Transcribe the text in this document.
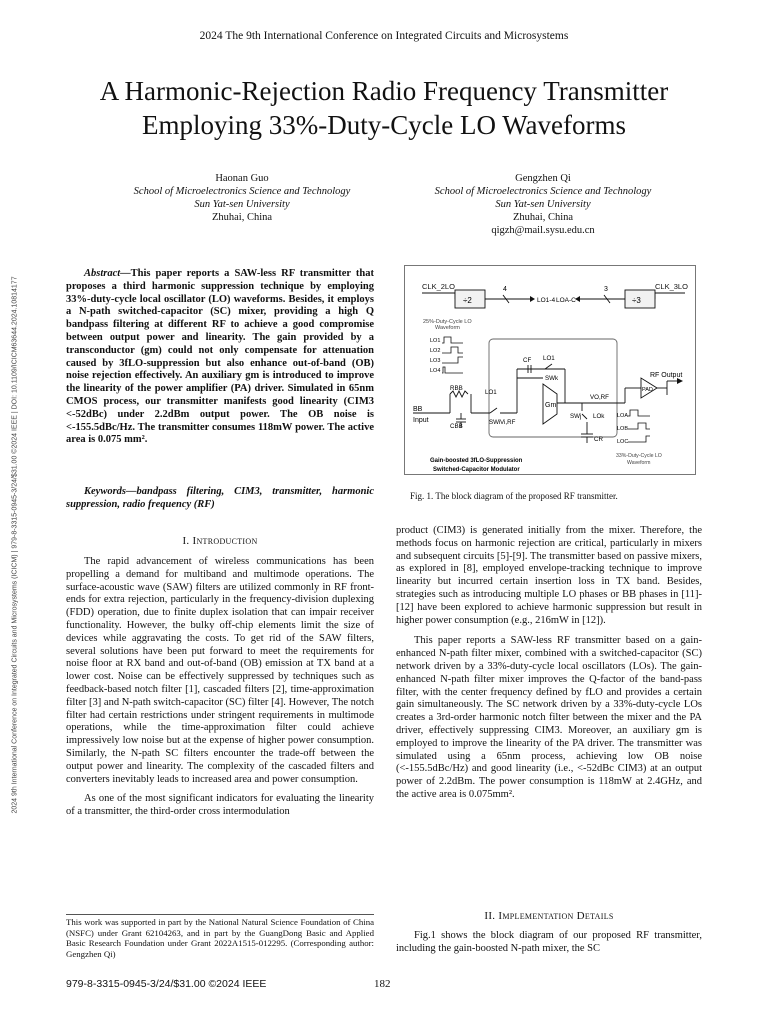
2024 The 9th International Conference on Integrated Circuits and Microsystems
A Harmonic-Rejection Radio Frequency Transmitter
Employing 33%-Duty-Cycle LO Waveforms
Haonan Guo
School of Microelectronics Science and Technology
Sun Yat-sen University
Zhuhai, China
Gengzhen Qi
School of Microelectronics Science and Technology
Sun Yat-sen University
Zhuhai, China
qigzh@mail.sysu.edu.cn
2024 9th International Conference on Integrated Circuits and Microsystems (ICICM) | 979-8-3315-0945-3/24/$31.00 ©2024 IEEE | DOI: 10.1109/ICICM63644.2024.10814177
Abstract—This paper reports a SAW-less RF transmitter that proposes a third harmonic suppression technique by employing 33%-duty-cycle local oscillator (LO) waveforms. Besides, it employs a N-path switched-capacitor (SC) mixer, providing a high Q bandpass filtering at different RF to achieve a good compromise between output power and linearity. The gain provided by a transconductor (gm) could not only compensate for attenuation caused by 3fLO-suppression but also enhance out-of-band (OB) noise rejection effectively. An auxiliary gm is introduced to improve the linearity of the power amplifier (PA) driver. Simulated in 65nm CMOS process, our transmitter manifests good linearity (CIM3 <-52dBc) under 2.2dBm output power. The OB noise is <-155.5dBc/Hz. The transmitter consumes 118mW power. The active area is 0.075 mm².
Keywords—bandpass filtering, CIM3, transmitter, harmonic suppression, radio frequency (RF)
I. Introduction

The rapid advancement of wireless communications has been propelling a demand for multiband and multimode operations. The surface-acoustic wave (SAW) filters are utilized commonly in RF front-ends for extra rejection, particularly in the frequency-division duplexing (FDD) operation, due to finite duplex isolation that can impair receiver functionality. However, the bulky off-chip elements limit the size of devices while aggravating the costs. To get rid of the SAW filters, several solutions have been put forward to meet the requirements for noise floor at RX band and out-of-band (OB) emission at TX band at a lower cost. Noise can be effectively suppressed by techniques such as feedback-based notch filter [1], cascaded filters [2], time-approximation filter [3] and N-path switch-capacitor (SC) filter [4]. However, The notch filter had certain restrictions under stringent requirements in multimode operations, while the time-approximation filter could achieve impressively low noise but at the expense of higher power consumption. Similarly, the N-path SC filters encounter the trade-off between the output power and linearity. The complexity of the cascaded filters and converters inevitably leads to increased area and power consumption.

As one of the most significant indicators for evaluating the linearity of a transmitter, the third-order cross intermodulation

This work was supported in part by the National Natural Science Foundation of China (NSFC) under Grant 62104263, and in part by the GuangDong Basic and Applied Basic Research Foundation under Grant 2022A1515-012295. (Corresponding author: Gengzhen Qi)
979-8-3315-0945-3/24/$31.00 ©2024 IEEE	182
CLK_2LO	CLK_3LO
÷2	÷3
4	3
LO1-4 LOA-C
25%-Duty-Cycle LO
Waveform
LO1
LO2
LO3
LO4
RBB
CBB
LO1
SWi Vi,RF
CF LO1
SWk
Gm
SWj LOk
CR
VO,RF
PAD
RF Output
BB
Input
LOA
LOB
LOC
Gain-boosted 3fLO-Suppression
Switched-Capacitor Modulator
33%-Duty-Cycle LO
Waveform
Fig. 1. The block diagram of the proposed RF transmitter.

product (CIM3) is generated initially from the mixer. Therefore, the methods focus on harmonic rejection are critical, particularly in mixers and subsequent circuits [5]-[9]. The transmitter based on passive mixers, as explored in [8], employed envelope-tracking technique to improve linearity but incurred certain insertion loss in TX band. Besides, strategies such as introducing multiple LO phases or BB phases in [11]-[12] have been explored to achieve harmonic suppression but result in higher power consumption (e.g., 216mW in [12]).

This paper reports a SAW-less RF transmitter based on a gain-enhanced N-path filter mixer, combined with a switched-capacitor (SC) network driven by a 33%-duty-cycle local oscillators (LOs). The gain-enhanced N-path filter mixer improves the Q-factor of the band-pass filter, with the center frequency defined by fLO and provides a certain gain simultaneously. The SC network driven by a 33%-duty-cycle LOs creates a 3rd-order harmonic notch filter between the mixer and the PA driver, effectively suppressing CIM3. Moreover, an auxiliary gm is employed to improve the linearity of the PA driver. The transmitter was simulated using a 65nm process, achieving low OB noise (<-155.5dBc/Hz) and good linearity (i.e., <-52dBc CIM3) at an output power of 2.2dBm. The power consumption is 118mW at 2.4GHz, and the active area is 0.075mm².

II. Implementation Details

Fig.1 shows the block diagram of our proposed RF transmitter, including the gain-boosted N-path mixer, the SC
